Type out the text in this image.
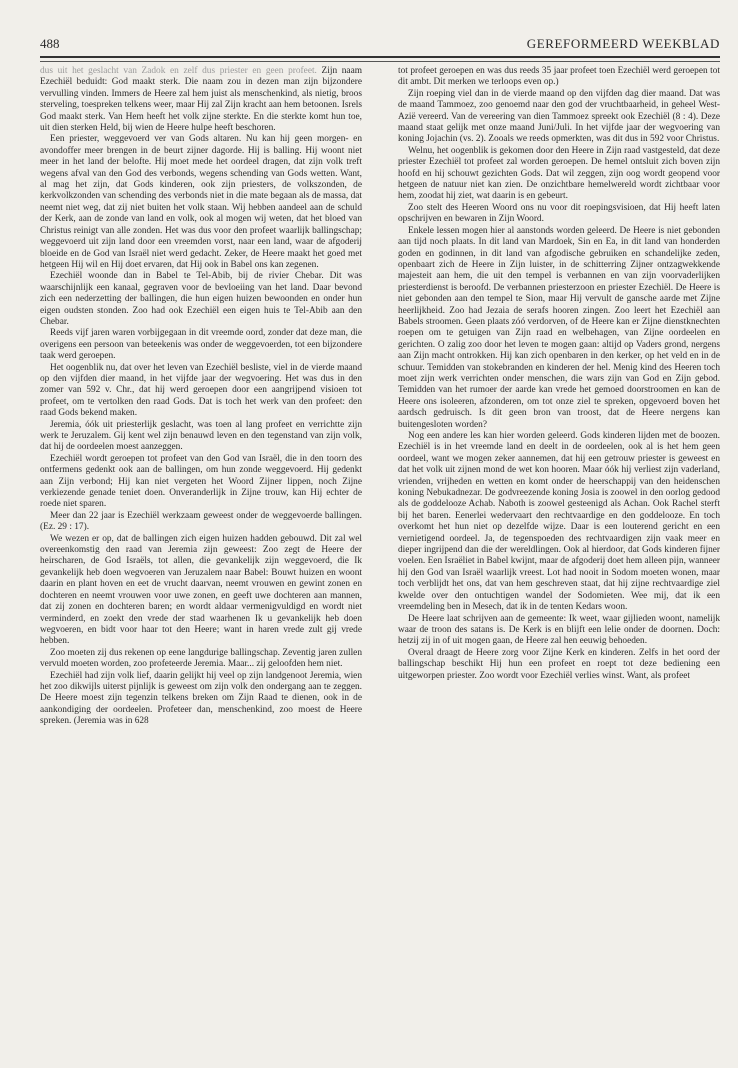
488	GEREFORMEERD WEEKBLAD

dus uit het geslacht van Zadok en zelf dus priester en geen profeet. Zijn naam Ezechiël beduidt: God maakt sterk. Die naam zou in dezen man zijn bijzondere vervulling vinden. Immers de Heere zal hem juist als menschenkind, als nietig, broos sterveling, toespreken telkens weer, maar Hij zal Zijn kracht aan hem betoonen. Isrels God maakt sterk. Van Hem heeft het volk zijne sterkte. En die sterkte komt hun toe, uit dien sterken Held, bij wien de Heere hulpe heeft beschoren.

Een priester, weggevoerd ver van Gods altaren. Nu kan hij geen morgen- en avondoffer meer brengen in de beurt zijner dagorde. Hij is balling. Hij woont niet meer in het land der belofte. Hij moet mede het oordeel dragen, dat zijn volk treft wegens afval van den God des verbonds, wegens schending van Gods wetten. Want, al mag het zijn, dat Gods kinderen, ook zijn priesters, de volkszonden, de kerkvolkzonden van schending des verbonds niet in die mate begaan als de massa, dat neemt niet weg, dat zij niet buiten het volk staan. Wij hebben aandeel aan de schuld der Kerk, aan de zonde van land en volk, ook al mogen wij weten, dat het bloed van Christus reinigt van alle zonden. Het was dus voor den profeet waarlijk ballingschap; weggevoerd uit zijn land door een vreemden vorst, naar een land, waar de afgoderij bloeide en de God van Israël niet werd gedacht. Zeker, de Heere maakt het goed met hetgeen Hij wil en Hij doet ervaren, dat Hij ook in Babel ons kan zegenen.

Ezechiël woonde dan in Babel te Tel-Abib, bij de rivier Chebar. Dit was waarschijnlijk een kanaal, gegraven voor de bevloeiing van het land. Daar bevond zich een nederzetting der ballingen, die hun eigen huizen bewoonden en onder hun eigen oudsten stonden. Zoo had ook Ezechiël een eigen huis te Tel-Abib aan den Chebar.

Reeds vijf jaren waren vorbijgegaan in dit vreemde oord, zonder dat deze man, die overigens een persoon van beteekenis was onder de weggevoerden, tot een bijzondere taak werd geroepen.

Het oogenblik nu, dat over het leven van Ezechiël besliste, viel in de vierde maand op den vijfden dier maand, in het vijfde jaar der wegvoering. Het was dus in den zomer van 592 v. Chr., dat hij werd geroepen door een aangrijpend visioen tot profeet, om te vertolken den raad Gods. Dat is toch het werk van den profeet: den raad Gods bekend maken.

Jeremia, óók uit priesterlijk geslacht, was toen al lang profeet en verrichtte zijn werk te Jeruzalem. Gij kent wel zijn benauwd leven en den tegenstand van zijn volk, dat hij de oordeelen moest aanzeggen.

Ezechiël wordt geroepen tot profeet van den God van Israël, die in den toorn des ontfermens gedenkt ook aan de ballingen, om hun zonde weggevoerd. Hij gedenkt aan Zijn verbond; Hij kan niet vergeten het Woord Zijner lippen, noch Zijne verkiezende genade teniet doen. Onveranderlijk in Zijne trouw, kan Hij echter de roede niet sparen.

Meer dan 22 jaar is Ezechiël werkzaam geweest onder de weggevoerde ballingen. (Ez. 29 : 17).

We wezen er op, dat de ballingen zich eigen huizen hadden gebouwd. Dit zal wel overeenkomstig den raad van Jeremia zijn geweest: Zoo zegt de Heere der heirscharen, de God Israëls, tot allen, die gevankelijk zijn weggevoerd, die Ik gevankelijk heb doen wegvoeren van Jeruzalem naar Babel: Bouwt huizen en woont daarin en plant hoven en eet de vrucht daarvan, neemt vrouwen en gewint zonen en dochteren en neemt vrouwen voor uwe zonen, en geeft uwe dochteren aan mannen, dat zij zonen en dochteren baren; en wordt aldaar vermenigvuldigd en wordt niet verminderd, en zoekt den vrede der stad waarhenen Ik u gevankelijk heb doen wegvoeren, en bidt voor haar tot den Heere; want in haren vrede zult gij vrede hebben.

Zoo moeten zij dus rekenen op eene langdurige ballingschap. Zeventig jaren zullen vervuld moeten worden, zoo profeteerde Jeremia. Maar... zij geloofden hem niet.

Ezechiël had zijn volk lief, daarin gelijkt hij veel op zijn landgenoot Jeremia, wien het zoo dikwijls uiterst pijnlijk is geweest om zijn volk den ondergang aan te zeggen. De Heere moest zijn tegenzin telkens breken om Zijn Raad te dienen, ook in de aankondiging der oordeelen. Profeteer dan, menschenkind, zoo moest de Heere spreken. (Jeremia was in 628

tot profeet geroepen en was dus reeds 35 jaar profeet toen Ezechiël werd geroepen tot dit ambt. Dit merken we terloops even op.)

Zijn roeping viel dan in de vierde maand op den vijfden dag dier maand. Dat was de maand Tammoez, zoo genoemd naar den god der vruchtbaarheid, in geheel West-Azië vereerd. Van de vereering van dien Tammoez spreekt ook Ezechiël (8 : 4). Deze maand staat gelijk met onze maand Juni/Juli. In het vijfde jaar der wegvoering van koning Jojachin (vs. 2). Zooals we reeds opmerkten, was dit dus in 592 voor Christus.

Welnu, het oogenblik is gekomen door den Heere in Zijn raad vastgesteld, dat deze priester Ezechiël tot profeet zal worden geroepen. De hemel ontsluit zich boven zijn hoofd en hij schouwt gezichten Gods. Dat wil zeggen, zijn oog wordt geopend voor hetgeen de natuur niet kan zien. De onzichtbare hemelwereld wordt zichtbaar voor hem, zoodat hij ziet, wat daarin is en gebeurt.

Zoo stelt des Heeren Woord ons nu voor dit roepingsvisioen, dat Hij heeft laten opschrijven en bewaren in Zijn Woord.

Enkele lessen mogen hier al aanstonds worden geleerd. De Heere is niet gebonden aan tijd noch plaats. In dit land van Mardoek, Sin en Ea, in dit land van honderden goden en godinnen, in dit land van afgodische gebruiken en schandelijke zeden, openbaart zich de Heere in Zijn luister, in de schitterring Zijner ontzagwekkende majesteit aan hem, die uit den tempel is verbannen en van zijn voorvaderlijken priesterdienst is beroofd. De verbannen priesterzoon en priester Ezechiël. De Heere is niet gebonden aan den tempel te Sion, maar Hij vervult de gansche aarde met Zijne heerlijkheid. Zoo had Jezaia de serafs hooren zingen. Zoo leert het Ezechiël aan Babels stroomen. Geen plaats zóó verdorven, of de Heere kan er Zijne dienstknechten roepen om te getuigen van Zijn raad en welbehagen, van Zijne oordeelen en gerichten. O zalig zoo door het leven te mogen gaan: altijd op Vaders grond, nergens aan Zijn macht ontrokken. Hij kan zich openbaren in den kerker, op het veld en in de schuur. Temidden van stokebranden en kinderen der hel. Menig kind des Heeren toch moet zijn werk verrichten onder menschen, die wars zijn van God en Zijn gebod. Temidden van het rumoer der aarde kan vrede het gemoed doorstroomen en kan de Heere ons isoleeren, afzonderen, om tot onze ziel te spreken, opgevoerd boven het aardsch gedruisch. Is dit geen bron van troost, dat de Heere nergens kan buitengesloten worden?

Nog een andere les kan hier worden geleerd. Gods kinderen lijden met de boozen. Ezechiël is in het vreemde land en deelt in de oordeelen, ook al is het hem geen oordeel, want we mogen zeker aannemen, dat hij een getrouw priester is geweest en dat het volk uit zijnen mond de wet kon hooren. Maar óók hij verliest zijn vaderland, vrienden, vrijheden en wetten en komt onder de heerschappij van den heidenschen koning Nebukadnezar. De godvreezende koning Josia is zoowel in den oorlog gedood als de goddelooze Achab. Naboth is zoowel gesteenigd als Achan. Ook Rachel sterft bij het baren. Eenerlei wedervaart den rechtvaardige en den goddelooze. En toch overkomt het hun niet op dezelfde wijze. Daar is een louterend gericht en een vernietigend oordeel. Ja, de tegenspoeden des rechtvaardigen zijn vaak meer en dieper ingrijpend dan die der wereldlingen. Ook al hierdoor, dat Gods kinderen fijner voelen. Een Israëliet in Babel kwijnt, maar de afgoderij doet hem alleen pijn, wanneer hij den God van Israël waarlijk vreest. Lot had nooit in Sodom moeten wonen, maar toch verblijdt het ons, dat van hem geschreven staat, dat hij zijne rechtvaardige ziel kwelde over den ontuchtigen wandel der Sodomieten. Wee mij, dat ik een vreemdeling ben in Mesech, dat ik in de tenten Kedars woon.

De Heere laat schrijven aan de gemeente: Ik weet, waar gijlieden woont, namelijk waar de troon des satans is. De Kerk is en blijft een lelie onder de doornen. Doch: hetzij zij in of uit mogen gaan, de Heere zal hen eeuwig behoeden.

Overal draagt de Heere zorg voor Zijne Kerk en kinderen. Zelfs in het oord der ballingschap beschikt Hij hun een profeet en roept tot deze bediening een uitgeworpen priester. Zoo wordt voor Ezechiël verlies winst. Want, als profeet
